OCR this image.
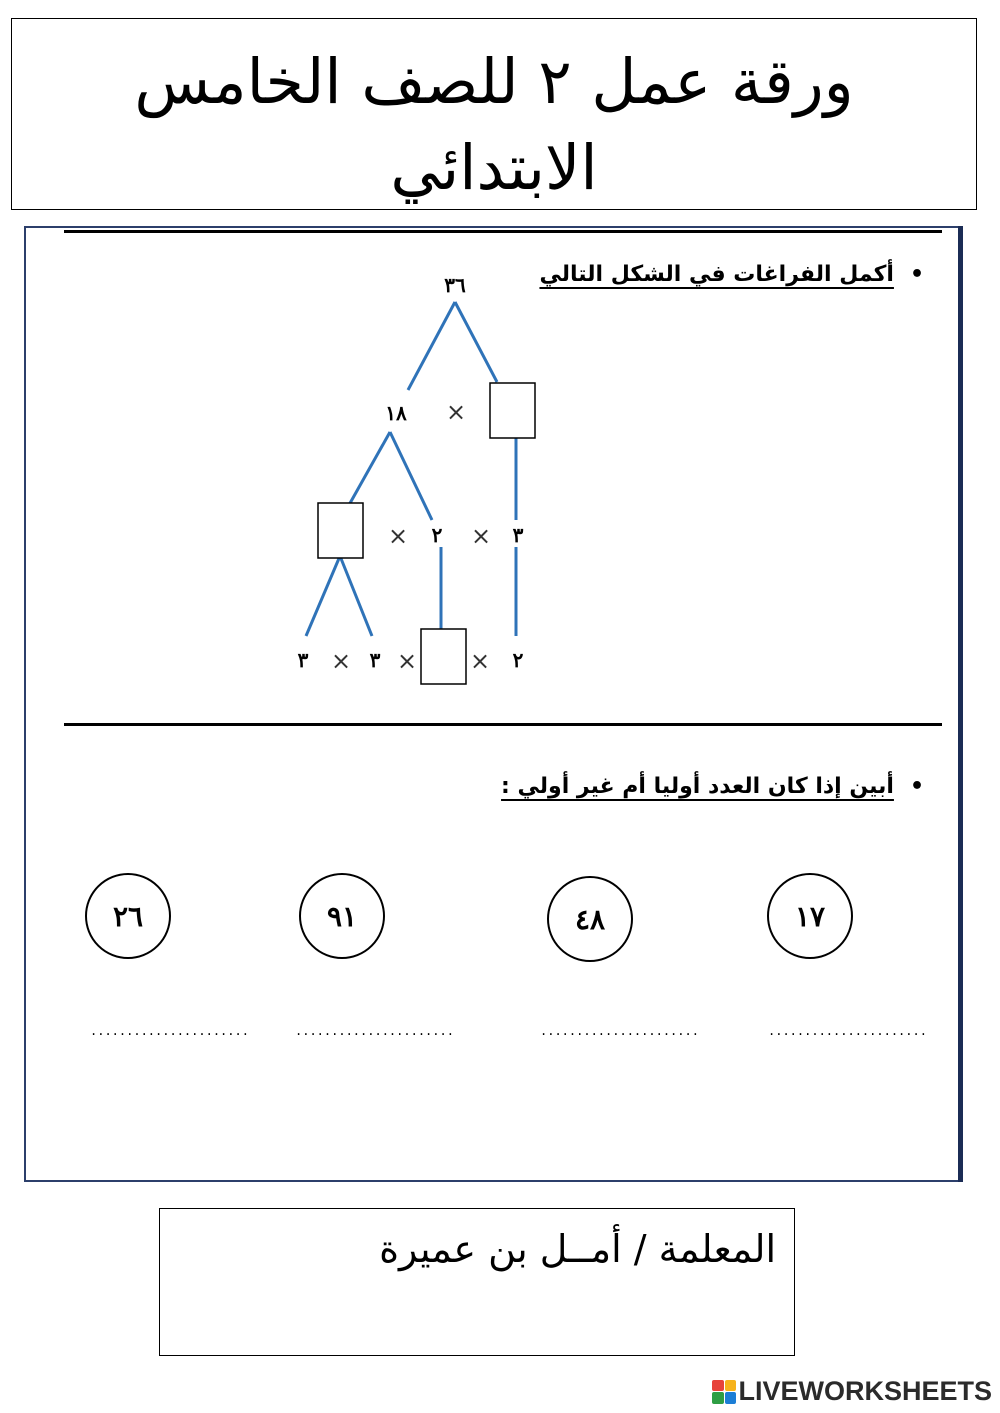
ورقة عمل ٢ للصف الخامس الابتدائي
•أكمل الفراغات في الشكل التالي
٣٦
١٨ ×
× ٢ × ٣
٣ × ٣ × × ٢
•أبين إذا كان العدد أوليا أم غير أولي :
١٧
٤٨
٩١
٢٦
......................
......................
......................
......................
المعلمة / أمــل بن عميرة
LIVEWORKSHEETS
